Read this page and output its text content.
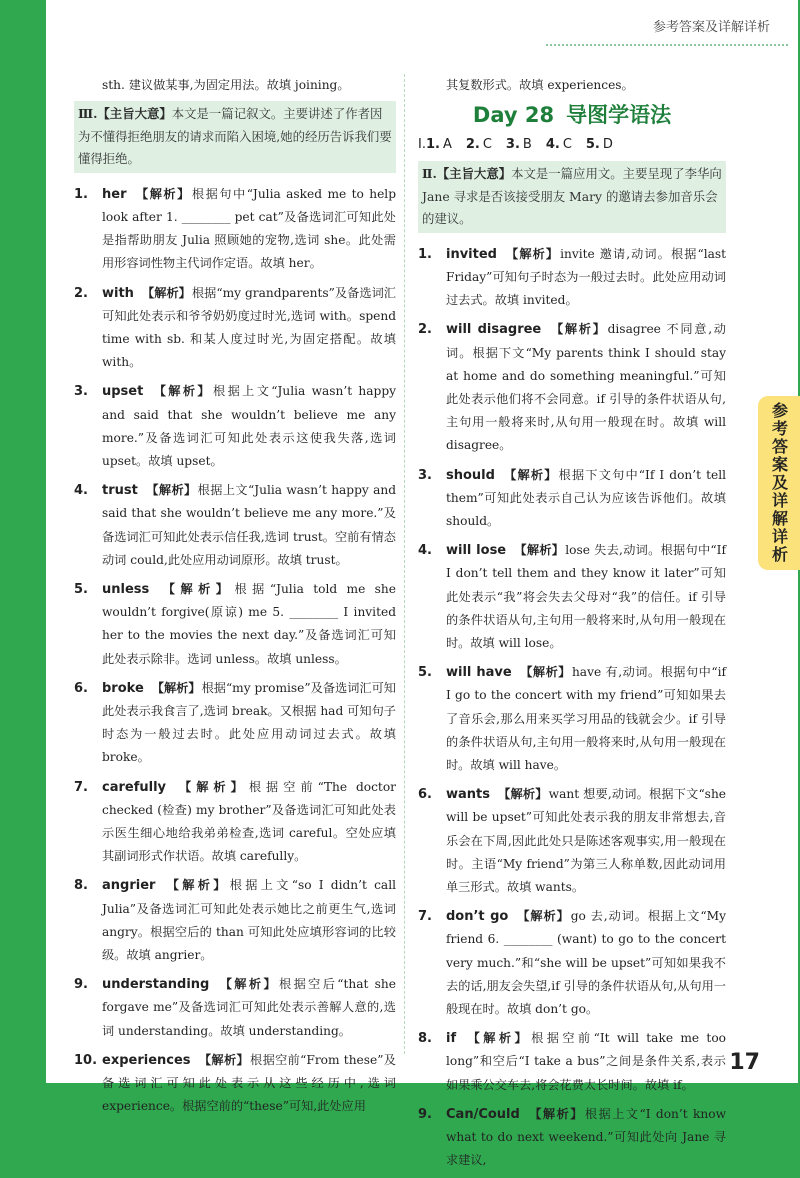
参考答案及详解详析

sth. 建议做某事,为固定用法。故填 joining。

Ⅲ.【主旨大意】本文是一篇记叙文。主要讲述了作者因为不懂得拒绝朋友的请求而陷入困境,她的经历告诉我们要懂得拒绝。
1. her 【解析】根据句中“Julia asked me to help look after 1. ________ pet cat”及备选词汇可知此处是指帮助朋友 Julia 照顾她的宠物,选词 she。此处需用形容词性物主代词作定语。故填 her。

2. with 【解析】根据“my grandparents”及备选词汇可知此处表示和爷爷奶奶度过时光,选词 with。spend time with sb. 和某人度过时光,为固定搭配。故填 with。

3. upset 【解析】根据上文“Julia wasn’t happy and said that she wouldn’t believe me any more.”及备选词汇可知此处表示这使我失落,选词 upset。故填 upset。

4. trust 【解析】根据上文“Julia wasn’t happy and said that she wouldn’t believe me any more.”及备选词汇可知此处表示信任我,选词 trust。空前有情态动词 could,此处应用动词原形。故填 trust。

5. unless 【解析】根据“Julia told me she wouldn’t forgive(原谅) me 5. ________ I invited her to the movies the next day.”及备选词汇可知此处表示除非。选词 unless。故填 unless。

6. broke 【解析】根据“my promise”及备选词汇可知此处表示我食言了,选词 break。又根据 had 可知句子时态为一般过去时。此处应用动词过去式。故填 broke。

7. carefully 【解析】根据空前“The doctor checked (检查) my brother”及备选词汇可知此处表示医生细心地给我弟弟检查,选词 careful。空处应填其副词形式作状语。故填 carefully。

8. angrier 【解析】根据上文“so I didn’t call Julia”及备选词汇可知此处表示她比之前更生气,选词 angry。根据空后的 than 可知此处应填形容词的比较级。故填 angrier。

9. understanding 【解析】根据空后“that she forgave me”及备选词汇可知此处表示善解人意的,选词 understanding。故填 understanding。

10. experiences 【解析】根据空前“From these”及备选词汇可知此处表示从这些经历中,选词 experience。根据空前的“these”可知,此处应用

其复数形式。故填 experiences。

Day 28 导图学语法
Ⅰ.1. A 2. C 3. B 4. C 5. D
Ⅱ.【主旨大意】本文是一篇应用文。主要呈现了李华向 Jane 寻求是否该接受朋友 Mary 的邀请去参加音乐会的建议。
1. invited 【解析】invite 邀请,动词。根据“last Friday”可知句子时态为一般过去时。此处应用动词过去式。故填 invited。

2. will disagree 【解析】disagree 不同意,动词。根据下文“My parents think I should stay at home and do something meaningful.”可知此处表示他们将不会同意。if 引导的条件状语从句,主句用一般将来时,从句用一般现在时。故填 will disagree。

3. should 【解析】根据下文句中“If I don’t tell them”可知此处表示自己认为应该告诉他们。故填 should。

4. will lose 【解析】lose 失去,动词。根据句中“If I don’t tell them and they know it later”可知此处表示“我”将会失去父母对“我”的信任。if 引导的条件状语从句,主句用一般将来时,从句用一般现在时。故填 will lose。

5. will have 【解析】have 有,动词。根据句中“if I go to the concert with my friend”可知如果去了音乐会,那么用来买学习用品的钱就会少。if 引导的条件状语从句,主句用一般将来时,从句用一般现在时。故填 will have。

6. wants 【解析】want 想要,动词。根据下文“she will be upset”可知此处表示我的朋友非常想去,音乐会在下周,因此此处只是陈述客观事实,用一般现在时。主语“My friend”为第三人称单数,因此动词用单三形式。故填 wants。

7. don’t go 【解析】go 去,动词。根据上文“My friend 6. ________ (want) to go to the concert very much.”和“she will be upset”可知如果我不去的话,朋友会失望,if 引导的条件状语从句,从句用一般现在时。故填 don’t go。

8. if 【解析】根据空前“It will take me too long”和空后“I take a bus”之间是条件关系,表示如果乘公交车去,将会花费太长时间。故填 if。

9. Can/Could 【解析】根据上文“I don’t know what to do next weekend.”可知此处向 Jane 寻求建议,

参考答案及详解详析
17
